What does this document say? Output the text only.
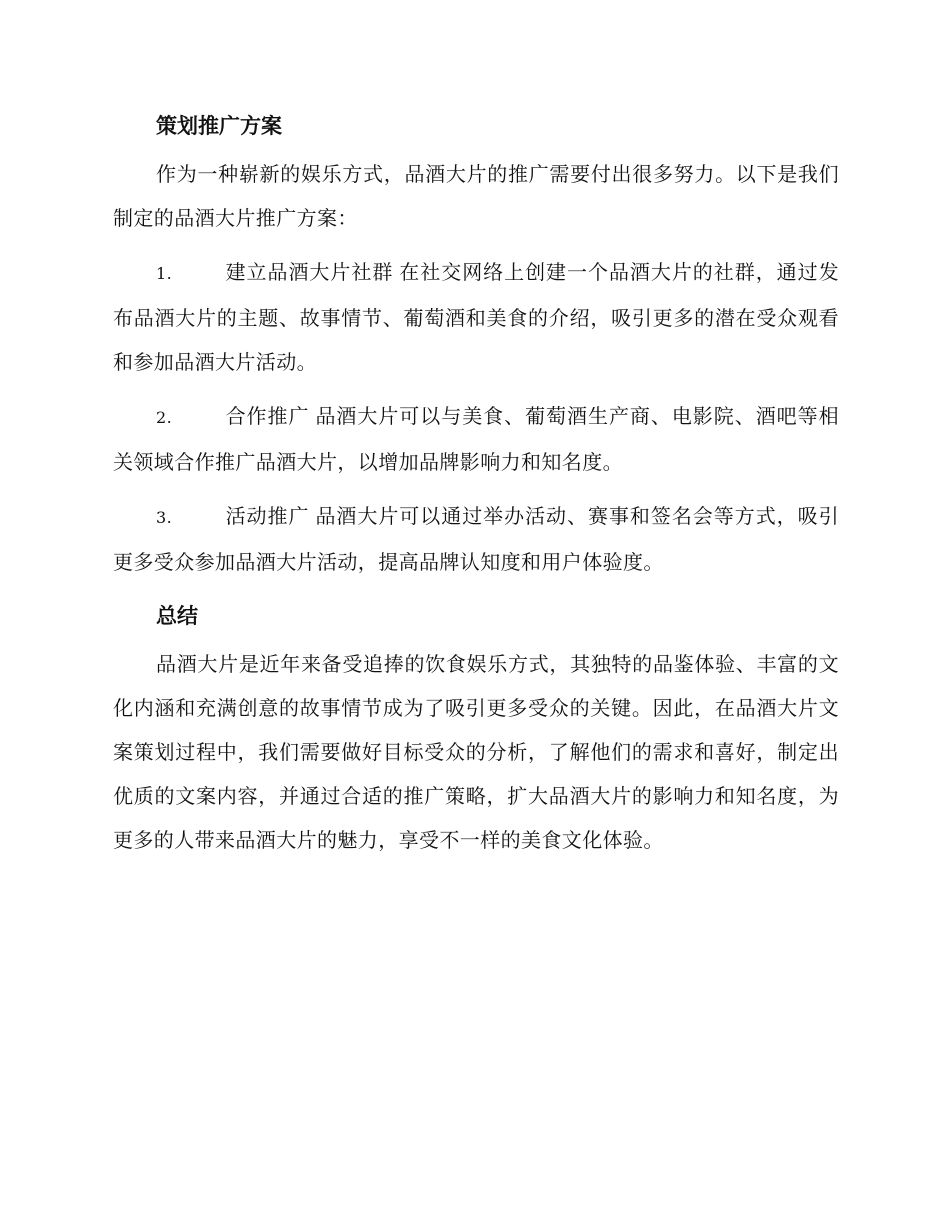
策划推广方案
作为一种崭新的娱乐方式，品酒大片的推广需要付出很多努力。以下是我们制定的品酒大片推广方案：
1.	建立品酒大片社群 在社交网络上创建一个品酒大片的社群，通过发布品酒大片的主题、故事情节、葡萄酒和美食的介绍，吸引更多的潜在受众观看和参加品酒大片活动。
2.	合作推广 品酒大片可以与美食、葡萄酒生产商、电影院、酒吧等相关领域合作推广品酒大片，以增加品牌影响力和知名度。
3.	活动推广 品酒大片可以通过举办活动、赛事和签名会等方式，吸引更多受众参加品酒大片活动，提高品牌认知度和用户体验度。
总结
品酒大片是近年来备受追捧的饮食娱乐方式，其独特的品鉴体验、丰富的文化内涵和充满创意的故事情节成为了吸引更多受众的关键。因此，在品酒大片文案策划过程中，我们需要做好目标受众的分析，了解他们的需求和喜好，制定出优质的文案内容，并通过合适的推广策略，扩大品酒大片的影响力和知名度，为更多的人带来品酒大片的魅力，享受不一样的美食文化体验。
